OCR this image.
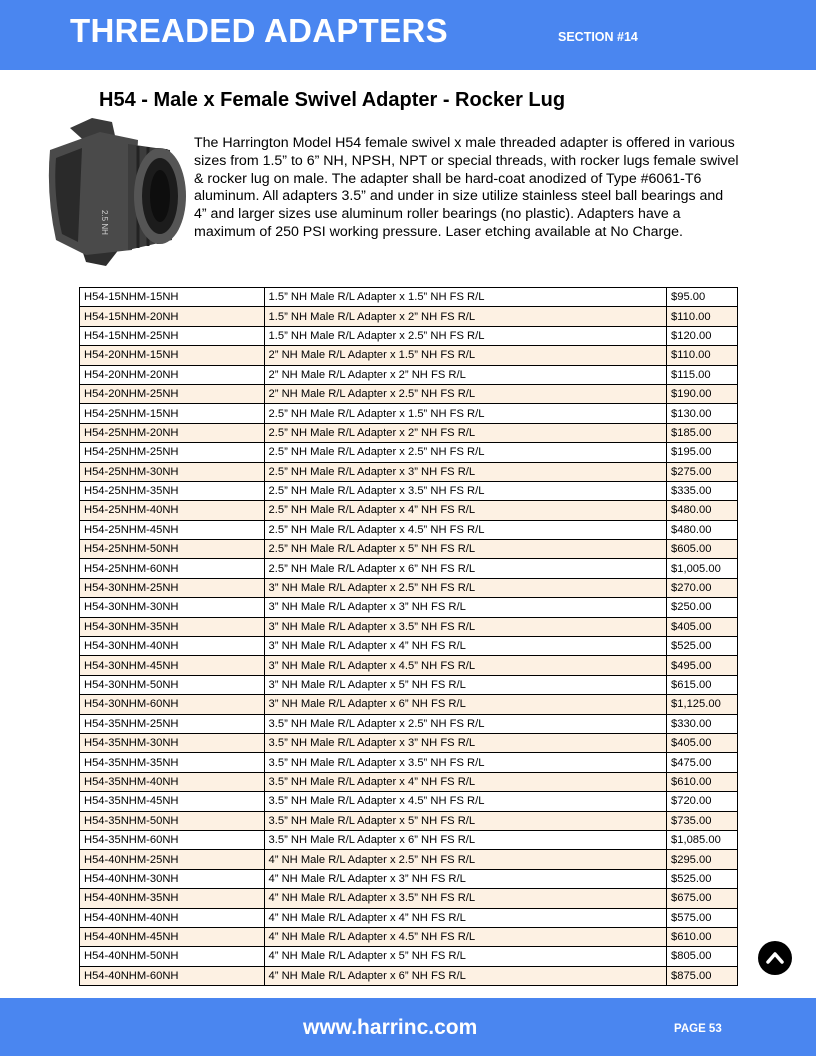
THREADED ADAPTERS	SECTION #14
H54 - Male x Female Swivel Adapter - Rocker Lug
2.5 NH
The Harrington Model H54 female swivel x male threaded adapter is offered in various sizes from 1.5” to 6” NH, NPSH, NPT or special threads, with rocker lugs female swivel & rocker lug on male. The adapter shall be hard-coat anodized of Type #6061-T6 aluminum. All adapters 3.5” and under in size utilize stainless steel ball bearings and 4” and larger sizes use aluminum roller bearings (no plastic). Adapters have a maximum of 250 PSI working pressure. Laser etching available at No Charge.
H54-15NHM-15NH	1.5” NH Male R/L Adapter x 1.5” NH FS R/L	$95.00
H54-15NHM-20NH	1.5” NH Male R/L Adapter x 2” NH FS R/L	$110.00
H54-15NHM-25NH	1.5” NH Male R/L Adapter x 2.5” NH FS R/L	$120.00
H54-20NHM-15NH	2” NH Male R/L Adapter x 1.5” NH FS R/L	$110.00
H54-20NHM-20NH	2” NH Male R/L Adapter x 2” NH FS R/L	$115.00
H54-20NHM-25NH	2” NH Male R/L Adapter x 2.5” NH FS R/L	$190.00
H54-25NHM-15NH	2.5” NH Male R/L Adapter x 1.5” NH FS R/L	$130.00
H54-25NHM-20NH	2.5” NH Male R/L Adapter x 2” NH FS R/L	$185.00
H54-25NHM-25NH	2.5” NH Male R/L Adapter x 2.5” NH FS R/L	$195.00
H54-25NHM-30NH	2.5” NH Male R/L Adapter x 3” NH FS R/L	$275.00
H54-25NHM-35NH	2.5” NH Male R/L Adapter x 3.5” NH FS R/L	$335.00
H54-25NHM-40NH	2.5” NH Male R/L Adapter x 4” NH FS R/L	$480.00
H54-25NHM-45NH	2.5” NH Male R/L Adapter x 4.5” NH FS R/L	$480.00
H54-25NHM-50NH	2.5” NH Male R/L Adapter x 5” NH FS R/L	$605.00
H54-25NHM-60NH	2.5” NH Male R/L Adapter x 6” NH FS R/L	$1,005.00
H54-30NHM-25NH	3” NH Male R/L Adapter x 2.5” NH FS R/L	$270.00
H54-30NHM-30NH	3” NH Male R/L Adapter x 3” NH FS R/L	$250.00
H54-30NHM-35NH	3” NH Male R/L Adapter x 3.5” NH FS R/L	$405.00
H54-30NHM-40NH	3” NH Male R/L Adapter x 4” NH FS R/L	$525.00
H54-30NHM-45NH	3” NH Male R/L Adapter x 4.5” NH FS R/L	$495.00
H54-30NHM-50NH	3” NH Male R/L Adapter x 5” NH FS R/L	$615.00
H54-30NHM-60NH	3” NH Male R/L Adapter x 6” NH FS R/L	$1,125.00
H54-35NHM-25NH	3.5” NH Male R/L Adapter x 2.5” NH FS R/L	$330.00
H54-35NHM-30NH	3.5” NH Male R/L Adapter x 3” NH FS R/L	$405.00
H54-35NHM-35NH	3.5” NH Male R/L Adapter x 3.5” NH FS R/L	$475.00
H54-35NHM-40NH	3.5” NH Male R/L Adapter x 4” NH FS R/L	$610.00
H54-35NHM-45NH	3.5” NH Male R/L Adapter x 4.5” NH FS R/L	$720.00
H54-35NHM-50NH	3.5” NH Male R/L Adapter x 5” NH FS R/L	$735.00
H54-35NHM-60NH	3.5” NH Male R/L Adapter x 6” NH FS R/L	$1,085.00
H54-40NHM-25NH	4” NH Male R/L Adapter x 2.5” NH FS R/L	$295.00
H54-40NHM-30NH	4” NH Male R/L Adapter x 3” NH FS R/L	$525.00
H54-40NHM-35NH	4” NH Male R/L Adapter x 3.5” NH FS R/L	$675.00
H54-40NHM-40NH	4” NH Male R/L Adapter x 4” NH FS R/L	$575.00
H54-40NHM-45NH	4” NH Male R/L Adapter x 4.5” NH FS R/L	$610.00
H54-40NHM-50NH	4” NH Male R/L Adapter x 5” NH FS R/L	$805.00
H54-40NHM-60NH	4” NH Male R/L Adapter x 6” NH FS R/L	$875.00
www.harrinc.com	PAGE 53
